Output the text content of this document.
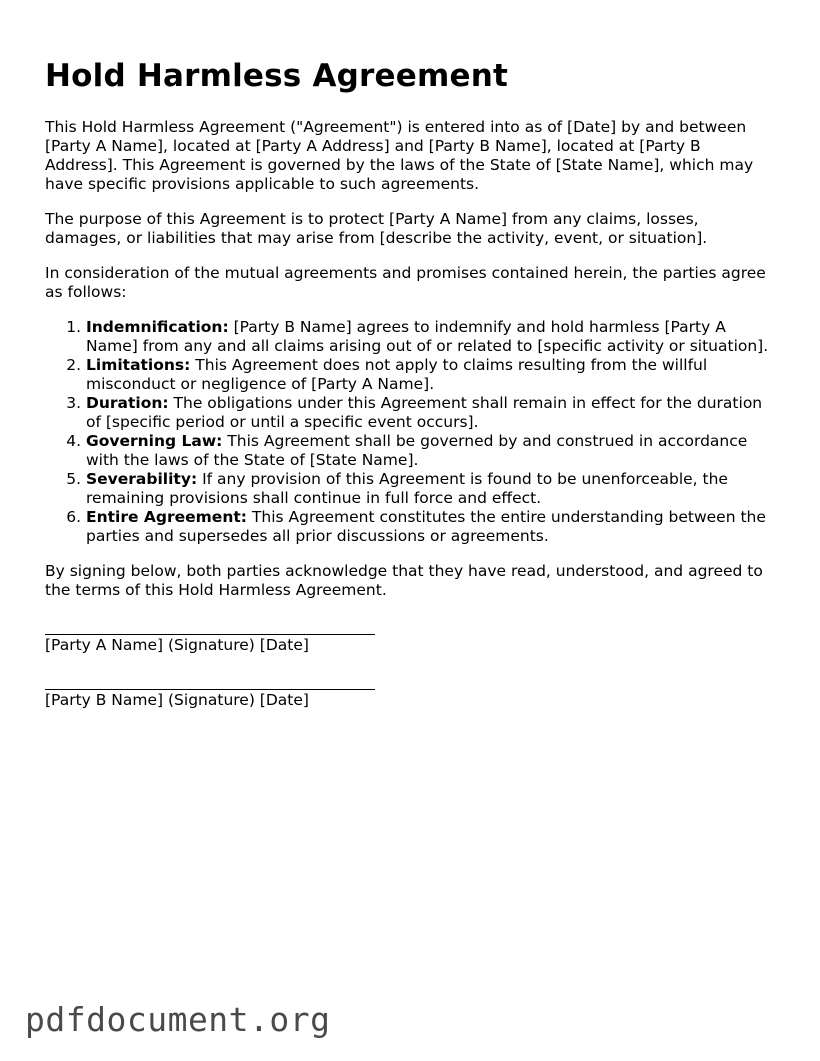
Hold Harmless Agreement

This Hold Harmless Agreement ("Agreement") is entered into as of [Date] by and between [Party A Name], located at [Party A Address] and [Party B Name], located at [Party B Address]. This Agreement is governed by the laws of the State of [State Name], which may have specific provisions applicable to such agreements.

The purpose of this Agreement is to protect [Party A Name] from any claims, losses, damages, or liabilities that may arise from [describe the activity, event, or situation].

In consideration of the mutual agreements and promises contained herein, the parties agree as follows:

1. Indemnification: [Party B Name] agrees to indemnify and hold harmless [Party A Name] from any and all claims arising out of or related to [specific activity or situation].
2. Limitations: This Agreement does not apply to claims resulting from the willful misconduct or negligence of [Party A Name].
3. Duration: The obligations under this Agreement shall remain in effect for the duration of [specific period or until a specific event occurs].
4. Governing Law: This Agreement shall be governed by and construed in accordance with the laws of the State of [State Name].
5. Severability: If any provision of this Agreement is found to be unenforceable, the remaining provisions shall continue in full force and effect.
6. Entire Agreement: This Agreement constitutes the entire understanding between the parties and supersedes all prior discussions or agreements.

By signing below, both parties acknowledge that they have read, understood, and agreed to the terms of this Hold Harmless Agreement.

[Party A Name] (Signature) [Date]
[Party B Name] (Signature) [Date]
pdfdocument.org
